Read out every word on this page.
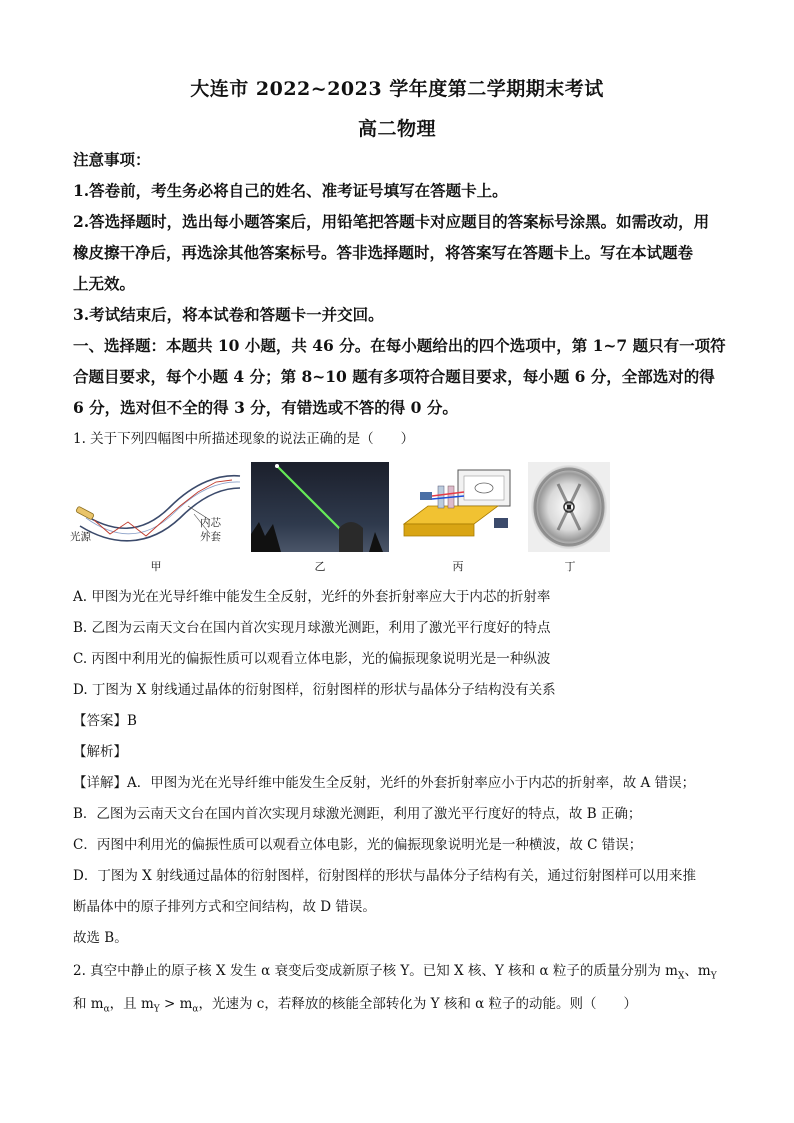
大连市 2022~2023 学年度第二学期期末考试
高二物理
注意事项：
1.答卷前，考生务必将自己的姓名、准考证号填写在答题卡上。
2.答选择题时，选出每小题答案后，用铅笔把答题卡对应题目的答案标号涂黑。如需改动，用
橡皮擦干净后，再选涂其他答案标号。答非选择题时，将答案写在答题卡上。写在本试题卷
上无效。
3.考试结束后，将本试卷和答题卡一并交回。
一、选择题：本题共 10 小题，共 46 分。在每小题给出的四个选项中，第 1~7 题只有一项符
合题目要求，每个小题 4 分；第 8~10 题有多项符合题目要求，每小题 6 分，全部选对的得
6 分，选对但不全的得 3 分，有错选或不答的得 0 分。
1. 关于下列四幅图中所描述现象的说法正确的是（　　）
光源
内芯
外套
甲	乙	丙	丁
A. 甲图为光在光导纤维中能发生全反射，光纤的外套折射率应大于内芯的折射率
B. 乙图为云南天文台在国内首次实现月球激光测距，利用了激光平行度好的特点
C. 丙图中利用光的偏振性质可以观看立体电影，光的偏振现象说明光是一种纵波
D. 丁图为 X 射线通过晶体的衍射图样，衍射图样的形状与晶体分子结构没有关系
【答案】B
【解析】
【详解】A．甲图为光在光导纤维中能发生全反射，光纤的外套折射率应小于内芯的折射率，故 A 错误；
B．乙图为云南天文台在国内首次实现月球激光测距，利用了激光平行度好的特点，故 B 正确；
C．丙图中利用光的偏振性质可以观看立体电影，光的偏振现象说明光是一种横波，故 C 错误；
D．丁图为 X 射线通过晶体的衍射图样，衍射图样的形状与晶体分子结构有关，通过衍射图样可以用来推
断晶体中的原子排列方式和空间结构，故 D 错误。
故选 B。
2. 真空中静止的原子核 X 发生 α 衰变后变成新原子核 Y。已知 X 核、Y 核和 α 粒子的质量分别为 $m_X$、$m_Y$
和 $m_\alpha$，且 $m_Y > m_\alpha$，光速为 c，若释放的核能全部转化为 Y 核和 α 粒子的动能。则（　　）
